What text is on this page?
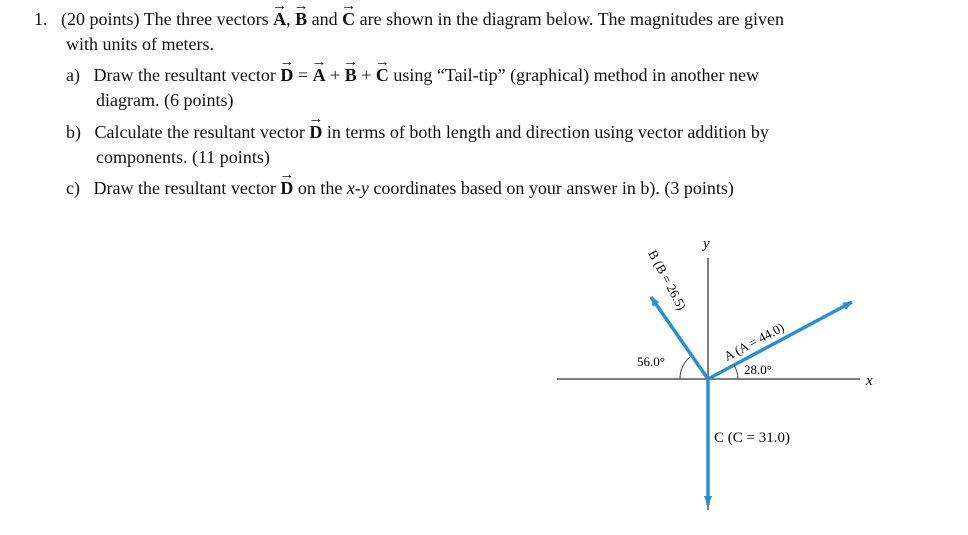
1. (20 points) The three vectors → A, → B and → C are shown in the diagram below. The magnitudes are given
with units of meters.
a) Draw the resultant vector → D = → A + → B + → C using “Tail-tip” (graphical) method in another new
diagram. (6 points)
b) Calculate the resultant vector → D in terms of both length and direction using vector addition by
components. (11 points)
c) Draw the resultant vector → D on the x-y coordinates based on your answer in b). (3 points)
x
y
28.0°
56.0°	A (A = 44.0)
B (B = 26.5)
C (C = 31.0)
